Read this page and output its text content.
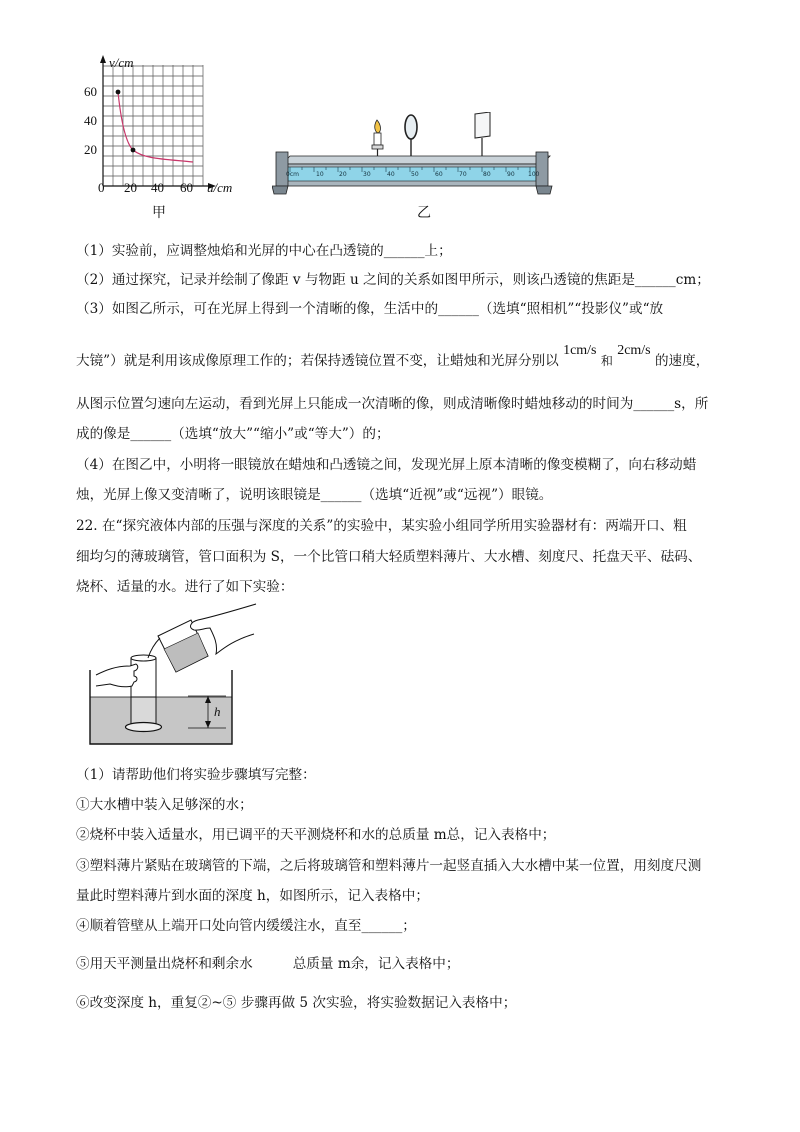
v/cm
60
40
20
0 20 40 60 u/cm
甲
0cm	10	20	30	40	50	60	70	80	90 100
乙
（1）实验前，应调整烛焰和光屏的中心在凸透镜的______上；
（2）通过探究，记录并绘制了像距 v 与物距 u 之间的关系如图甲所示，则该凸透镜的焦距是______cm；
（3）如图乙所示，可在光屏上得到一个清晰的像，生活中的______（选填“照相机”“投影仪”或“放
大镜”）就是利用该成像原理工作的；若保持透镜位置不变，让蜡烛和光屏分别以 1cm/s 和 2cm/s 的速度，
从图示位置匀速向左运动，看到光屏上只能成一次清晰的像，则成清晰像时蜡烛移动的时间为______s，所
成的像是______（选填“放大”“缩小”或“等大”）的；
（4）在图乙中，小明将一眼镜放在蜡烛和凸透镜之间，发现光屏上原本清晰的像变模糊了，向右移动蜡
烛，光屏上像又变清晰了，说明该眼镜是______（选填“近视”或“远视”）眼镜。
22. 在“探究液体内部的压强与深度的关系”的实验中，某实验小组同学所用实验器材有：两端开口、粗
细均匀的薄玻璃管，管口面积为 S，一个比管口稍大轻质塑料薄片、大水槽、刻度尺、托盘天平、砝码、
烧杯、适量的水。进行了如下实验：
h
（1）请帮助他们将实验步骤填写完整：
①大水槽中装入足够深的水；
②烧杯中装入适量水，用已调平的天平测烧杯和水的总质量 m总，记入表格中；
③塑料薄片紧贴在玻璃管的下端，之后将玻璃管和塑料薄片一起竖直插入大水槽中某一位置，用刻度尺测
量此时塑料薄片到水面的深度 h，如图所示，记入表格中；
④顺着管壁从上端开口处向管内缓缓注水，直至______；
⑤用天平测量出烧杯和剩余水	总质量 m余，记入表格中；
⑥改变深度 h，重复②~⑤ 步骤再做 5 次实验，将实验数据记入表格中；
